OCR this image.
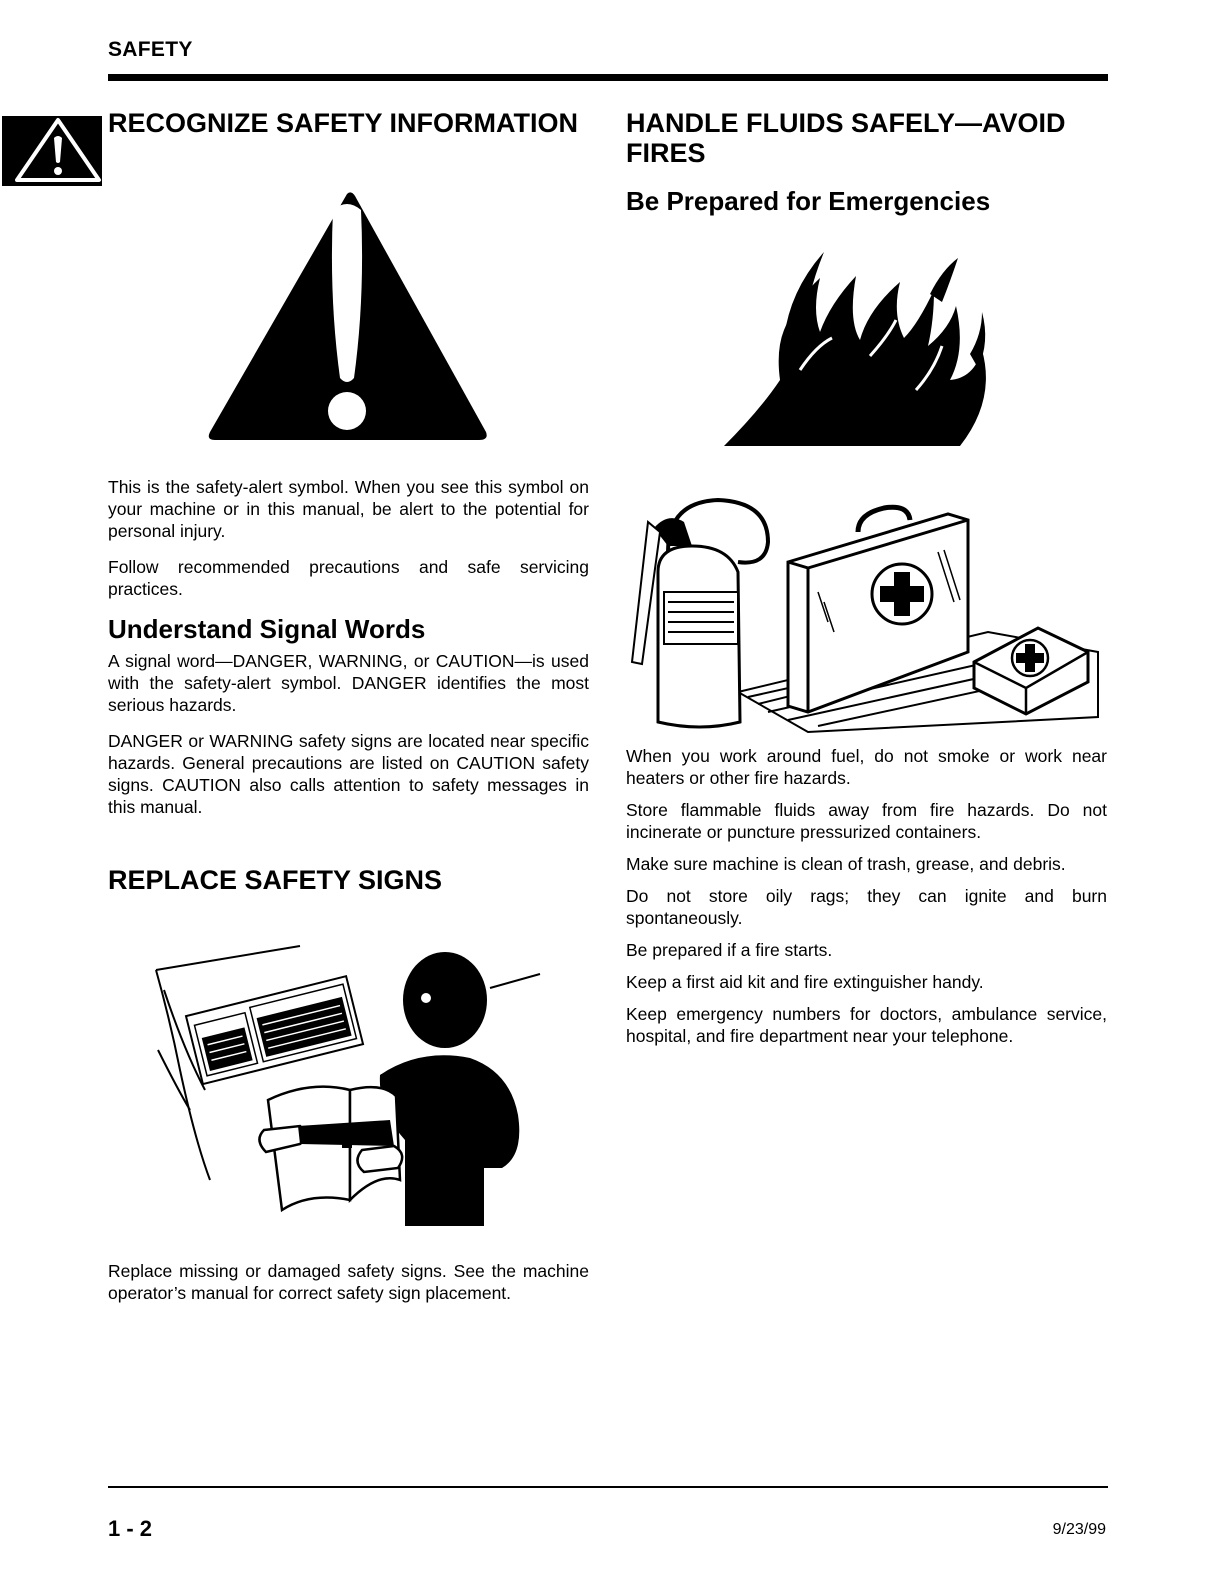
SAFETY
RECOGNIZE SAFETY INFORMATION

This is the safety-alert symbol. When you see this symbol on your machine or in this manual, be alert to the potential for personal injury.

Follow recommended precautions and safe servicing practices.

Understand Signal Words

A signal word—DANGER, WARNING, or CAUTION—is used with the safety-alert symbol. DANGER identifies the most serious hazards.

DANGER or WARNING safety signs are located near specific hazards. General precautions are listed on CAUTION safety signs. CAUTION also calls attention to safety messages in this manual.

REPLACE SAFETY SIGNS

Replace missing or damaged safety signs. See the machine operator’s manual for correct safety sign placement.

HANDLE FLUIDS SAFELY—AVOID FIRES
Be Prepared for Emergencies

When you work around fuel, do not smoke or work near heaters or other fire hazards.

Store flammable fluids away from fire hazards. Do not incinerate or puncture pressurized containers.

Make sure machine is clean of trash, grease, and debris.

Do not store oily rags; they can ignite and burn spontaneously.

Be prepared if a fire starts.

Keep a first aid kit and fire extinguisher handy.

Keep emergency numbers for doctors, ambulance service, hospital, and fire department near your telephone.

1 - 2	9/23/99
